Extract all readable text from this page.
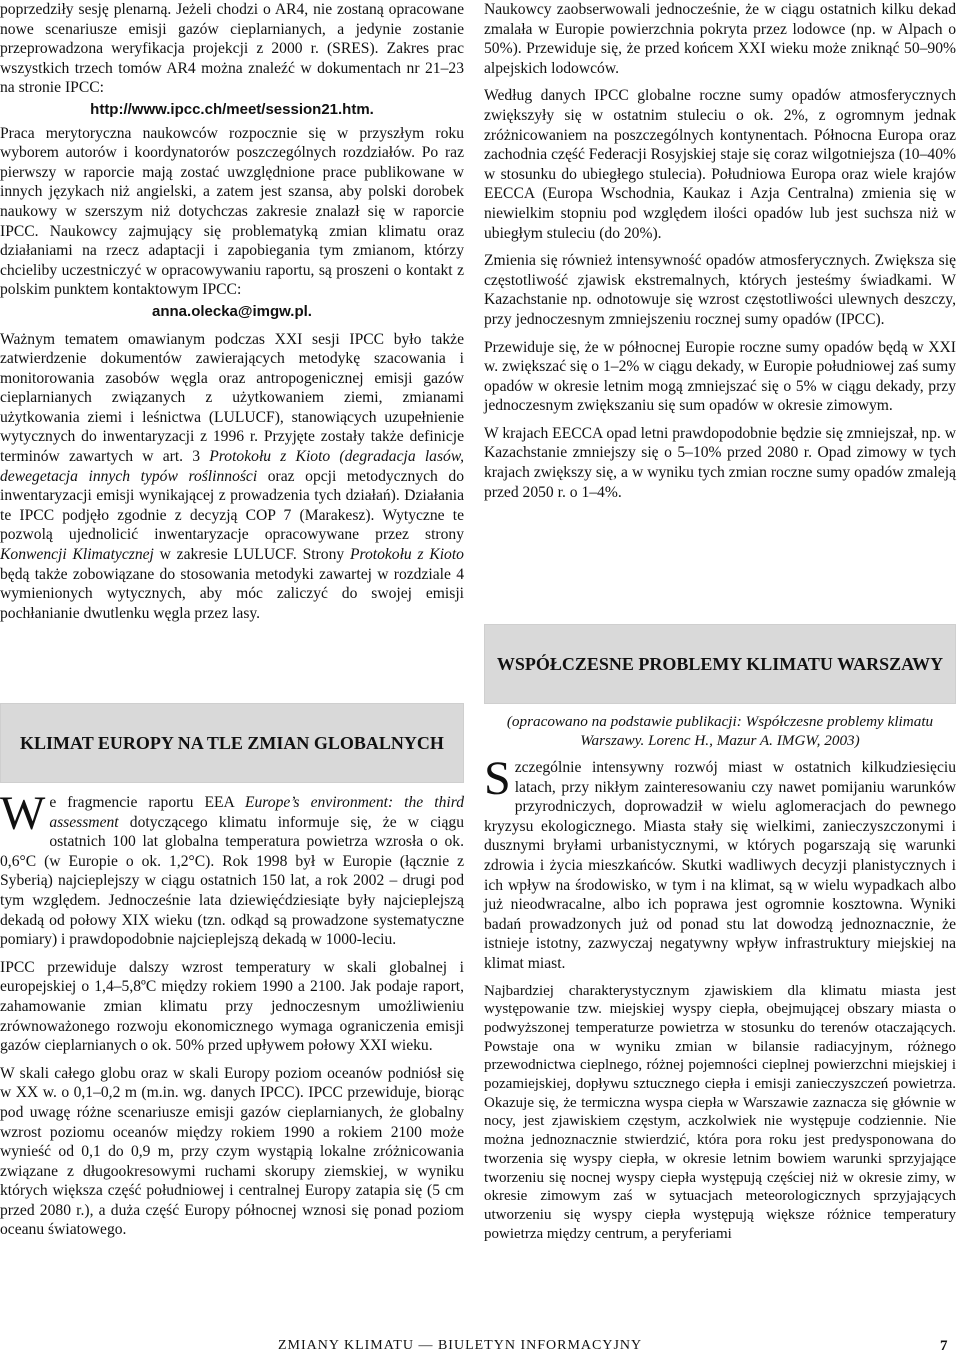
poprzedziły sesję plenarną. Jeżeli chodzi o AR4, nie zostaną opracowane nowe scenariusze emisji gazów cieplarnianych, a jedynie zostanie przeprowadzona weryfikacja projekcji z 2000 r. (SRES). Zakres prac wszystkich trzech tomów AR4 można znaleźć w dokumentach nr 21–23 na stronie IPCC:

http://www.ipcc.ch/meet/session21.htm.

Praca merytoryczna naukowców rozpocznie się w przyszłym roku wyborem autorów i koordynatorów poszczególnych rozdziałów. Po raz pierwszy w raporcie mają zostać uwzględnione prace publikowane w innych językach niż angielski, a zatem jest szansa, aby polski dorobek naukowy w szerszym niż dotychczas zakresie znalazł się w raporcie IPCC. Naukowcy zajmujący się problematyką zmian klimatu oraz działaniami na rzecz adaptacji i zapobiegania tym zmianom, którzy chcieliby uczestniczyć w opracowywaniu raportu, są proszeni o kontakt z polskim punktem kontaktowym IPCC:

anna.olecka@imgw.pl.

Ważnym tematem omawianym podczas XXI sesji IPCC było także zatwierdzenie dokumentów zawierających metodykę szacowania i monitorowania zasobów węgla oraz antropogenicznej emisji gazów cieplarnianych związanych z użytkowaniem ziemi, zmianami użytkowania ziemi i leśnictwa (LULUCF), stanowiących uzupełnienie wytycznych do inwentaryzacji z 1996 r. Przyjęte zostały także definicje terminów zawartych w art. 3 Protokołu z Kioto (degradacja lasów, dewegetacja innych typów roślinności oraz opcji metodycznych do inwentaryzacji emisji wynikającej z prowadzenia tych działań). Działania te IPCC podjęło zgodnie z decyzją COP 7 (Marakesz). Wytyczne te pozwolą ujednolicić inwentaryzacje opracowywane przez strony Konwencji Klimatycznej w zakresie LULUCF. Strony Protokołu z Kioto będą także zobowiązane do stosowania metodyki zawartej w rozdziale 4 wymienionych wytycznych, aby móc zaliczyć do swojej emisji pochłanianie dwutlenku węgla przez lasy.

KLIMAT EUROPY NA TLE ZMIAN GLOBALNYCH

We fragmencie raportu EEA Europe’s environment: the third assessment dotyczącego klimatu informuje się, że w ciągu ostatnich 100 lat globalna temperatura powietrza wzrosła o ok. 0,6°C (w Europie o ok. 1,2°C). Rok 1998 był w Europie (łącznie z Syberią) najcieplejszy w ciągu ostatnich 150 lat, a rok 2002 – drugi pod tym względem. Jednocześnie lata dziewięćdziesiąte były najcieplejszą dekadą od połowy XIX wieku (tzn. odkąd są prowadzone systematyczne pomiary) i prawdopodobnie najcieplejszą dekadą w 1000-leciu.

IPCC przewiduje dalszy wzrost temperatury w skali globalnej i europejskiej o 1,4–5,8ºC między rokiem 1990 a 2100. Jak podaje raport, zahamowanie zmian klimatu przy jednoczesnym umożliwieniu zrównoważonego rozwoju ekonomicznego wymaga ograniczenia emisji gazów cieplarnianych o ok. 50% przed upływem połowy XXI wieku.

W skali całego globu oraz w skali Europy poziom oceanów podniósł się w XX w. o 0,1–0,2 m (m.in. wg. danych IPCC). IPCC przewiduje, biorąc pod uwagę różne scenariusze emisji gazów cieplarnianych, że globalny wzrost poziomu oceanów między rokiem 1990 a rokiem 2100 może wynieść od 0,1 do 0,9 m, przy czym wystąpią lokalne zróżnicowania związane z długookresowymi ruchami skorupy ziemskiej, w wyniku których większa część południowej i centralnej Europy zatapia się (5 cm przed 2080 r.), a duża część Europy północnej wznosi się ponad poziom oceanu światowego.

Naukowcy zaobserwowali jednocześnie, że w ciągu ostatnich kilku dekad zmalała w Europie powierzchnia pokryta przez lodowce (np. w Alpach o 50%). Przewiduje się, że przed końcem XXI wieku może zniknąć 50–90% alpejskich lodowców.

Według danych IPCC globalne roczne sumy opadów atmosferycznych zwiększyły się w ostatnim stuleciu o ok. 2%, z ogromnym jednak zróżnicowaniem na poszczególnych kontynentach. Północna Europa oraz zachodnia część Federacji Rosyjskiej staje się coraz wilgotniejsza (10–40% w stosunku do ubiegłego stulecia). Południowa Europa oraz wiele krajów EECCA (Europa Wschodnia, Kaukaz i Azja Centralna) zmienia się w niewielkim stopniu pod względem ilości opadów lub jest suchsza niż w ubiegłym stuleciu (do 20%).

Zmienia się również intensywność opadów atmosferycznych. Zwiększa się częstotliwość zjawisk ekstremalnych, których jesteśmy świadkami. W Kazachstanie np. odnotowuje się wzrost częstotliwości ulewnych deszczy, przy jednoczesnym zmniejszeniu rocznej sumy opadów (IPCC).

Przewiduje się, że w północnej Europie roczne sumy opadów będą w XXI w. zwiększać się o 1–2% w ciągu dekady, w Europie południowej zaś sumy opadów w okresie letnim mogą zmniejszać się o 5% w ciągu dekady, przy jednoczesnym zwiększaniu się sum opadów w okresie zimowym.

W krajach EECCA opad letni prawdopodobnie będzie się zmniejszał, np. w Kazachstanie zmniejszy się o 5–10% przed 2080 r. Opad zimowy w tych krajach zwiększy się, a w wyniku tych zmian roczne sumy opadów zmaleją przed 2050 r. o 1–4%.

WSPÓŁCZESNE PROBLEMY KLIMATU WARSZAWY

(opracowano na podstawie publikacji: Współczesne problemy klimatu Warszawy. Lorenc H., Mazur A. IMGW, 2003)

Szczególnie intensywny rozwój miast w ostatnich kilkudziesięciu latach, przy nikłym zainteresowaniu czy nawet pomijaniu warunków przyrodniczych, doprowadził w wielu aglomeracjach do pewnego kryzysu ekologicznego. Miasta stały się wielkimi, zanieczyszczonymi i dusznymi bryłami urbanistycznymi, w których pogarszają się warunki zdrowia i życia mieszkańców. Skutki wadliwych decyzji planistycznych i ich wpływ na środowisko, w tym i na klimat, są w wielu wypadkach albo już nieodwracalne, albo ich poprawa jest ogromnie kosztowna. Wyniki badań prowadzonych już od ponad stu lat dowodzą jednoznacznie, że istnieje istotny, zazwyczaj negatywny wpływ infrastruktury miejskiej na klimat miast.

Najbardziej charakterystycznym zjawiskiem dla klimatu miasta jest występowanie tzw. miejskiej wyspy ciepła, obejmującej obszary miasta o podwyższonej temperaturze powietrza w stosunku do terenów otaczających. Powstaje ona w wyniku zmian w bilansie radiacyjnym, różnego przewodnictwa cieplnego, różnej pojemności cieplnej powierzchni miejskiej i pozamiejskiej, dopływu sztucznego ciepła i emisji zanieczyszczeń powietrza. Okazuje się, że termiczna wyspa ciepła w Warszawie zaznacza się głównie w nocy, jest zjawiskiem częstym, aczkolwiek nie występuje codziennie. Nie można jednoznacznie stwierdzić, która pora roku jest predysponowana do tworzenia się wyspy ciepła, w okresie letnim bowiem warunki sprzyjające tworzeniu się nocnej wyspy ciepła występują częściej niż w okresie zimy, w okresie zimowym zaś w sytuacjach meteorologicznych sprzyjających utworzeniu się wyspy ciepła występują większe różnice temperatury powietrza między centrum, a peryferiami

ZMIANY KLIMATU — BIULETYN INFORMACYJNY	7
